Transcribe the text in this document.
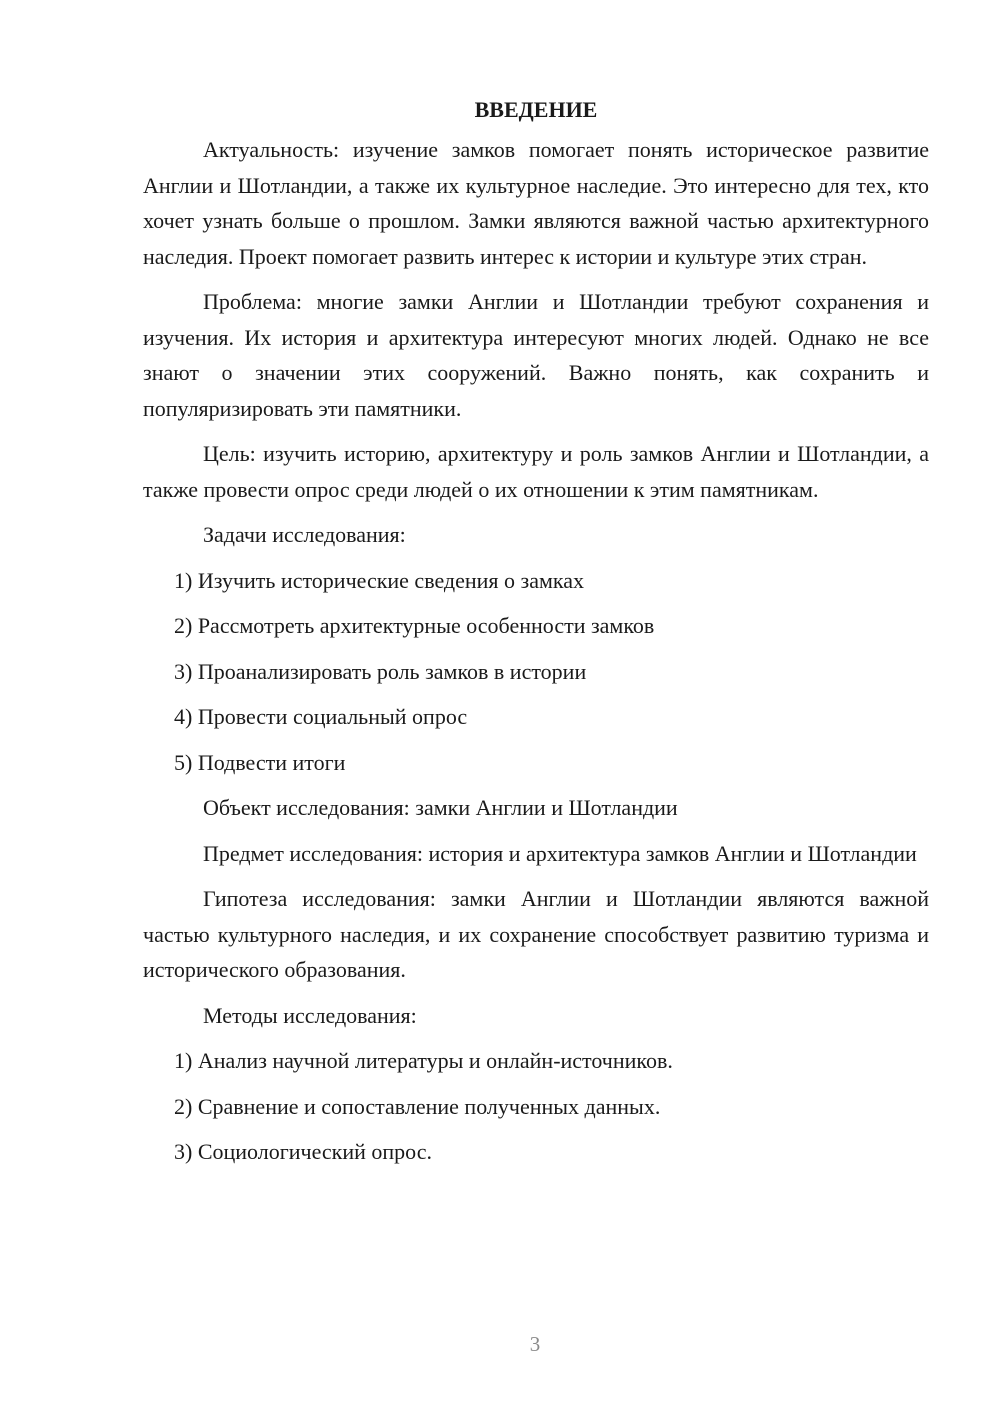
ВВЕДЕНИЕ

Актуальность: изучение замков помогает понять историческое развитие Англии и Шотландии, а также их культурное наследие. Это интересно для тех, кто хочет узнать больше о прошлом. Замки являются важной частью архитектурного наследия. Проект помогает развить интерес к истории и культуре этих стран.

Проблема: многие замки Англии и Шотландии требуют сохранения и изучения. Их история и архитектура интересуют многих людей. Однако не все знают о значении этих сооружений. Важно понять, как сохранить и популяризировать эти памятники.

Цель: изучить историю, архитектуру и роль замков Англии и Шотландии, а также провести опрос среди людей о их отношении к этим памятникам.

Задачи исследования:

1) Изучить исторические сведения о замках

2) Рассмотреть архитектурные особенности замков

3) Проанализировать роль замков в истории

4) Провести социальный опрос

5) Подвести итоги

Объект исследования: замки Англии и Шотландии

Предмет исследования: история и архитектура замков Англии и Шотландии

Гипотеза исследования: замки Англии и Шотландии являются важной частью культурного наследия, и их сохранение способствует развитию туризма и исторического образования.

Методы исследования:

1) Анализ научной литературы и онлайн-источников.

2) Сравнение и сопоставление полученных данных.

3) Социологический опрос.

3
